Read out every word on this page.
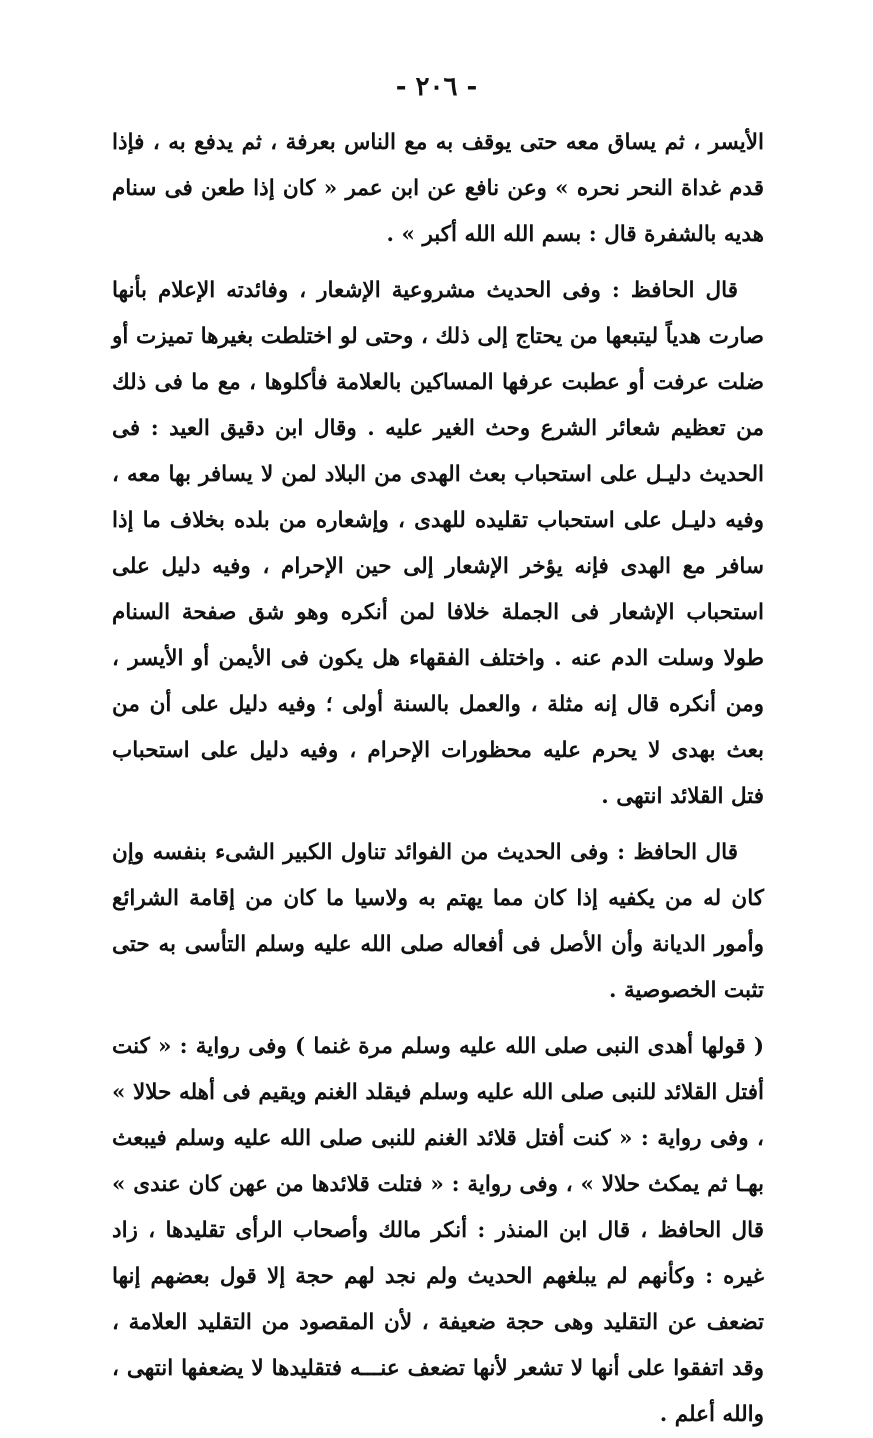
- ٢٠٦ -

الأيسر ، ثم يساق معه حتى يوقف به مع الناس بعرفة ، ثم يدفع به ، فإذا قدم غداة النحر نحره » وعن نافع عن ابن عمر « كان إذا طعن فى سنام هديه بالشفرة قال : بسم الله الله أكبر » .

قال الحافظ : وفى الحديث مشروعية الإشعار ، وفائدته الإعلام بأنها صارت هدياً ليتبعها من يحتاج إلى ذلك ، وحتى لو اختلطت بغيرها تميزت أو ضلت عرفت أو عطبت عرفها المساكين بالعلامة فأكلوها ، مع ما فى ذلك من تعظيم شعائر الشرع وحث الغير عليه . وقال ابن دقيق العيد : فى الحديث دليـل على استحباب بعث الهدى من البلاد لمن لا يسافر بها معه ، وفيه دليـل على استحباب تقليده للهدى ، وإشعاره من بلده بخلاف ما إذا سافر مع الهدى فإنه يؤخر الإشعار إلى حين الإحرام ، وفيه دليل على استحباب الإشعار فى الجملة خلافا لمن أنكره وهو شق صفحة السنام طولا وسلت الدم عنه . واختلف الفقهاء هل يكون فى الأيمن أو الأيسر ، ومن أنكره قال إنه مثلة ، والعمل بالسنة أولى ؛ وفيه دليل على أن من بعث بهدى لا يحرم عليه محظورات الإحرام ، وفيه دليل على استحباب فتل القلائد انتهى .

قال الحافظ : وفى الحديث من الفوائد تناول الكبير الشىء بنفسه وإن كان له من يكفيه إذا كان مما يهتم به ولاسيا ما كان من إقامة الشرائع وأمور الديانة وأن الأصل فى أفعاله صلى الله عليه وسلم التأسى به حتى تثبت الخصوصية .

( قولها أهدى النبى صلى الله عليه وسلم مرة غنما ) وفى رواية : « كنت أفتل القلائد للنبى صلى الله عليه وسلم فيقلد الغنم ويقيم فى أهله حلالا » ، وفى رواية : « كنت أفتل قلائد الغنم للنبى صلى الله عليه وسلم فيبعث بهـا ثم يمكث حلالا » ، وفى رواية : « فتلت قلائدها من عهن كان عندى » قال الحافظ ، قال ابن المنذر : أنكر مالك وأصحاب الرأى تقليدها ، زاد غيره : وكأنهم لم يبلغهم الحديث ولم نجد لهم حجة إلا قول بعضهم إنها تضعف عن التقليد وهى حجة ضعيفة ، لأن المقصود من التقليد العلامة ، وقد اتفقوا على أنها لا تشعر لأنها تضعف عنـــه فتقليدها لا يضعفها انتهى ، والله أعلم .
